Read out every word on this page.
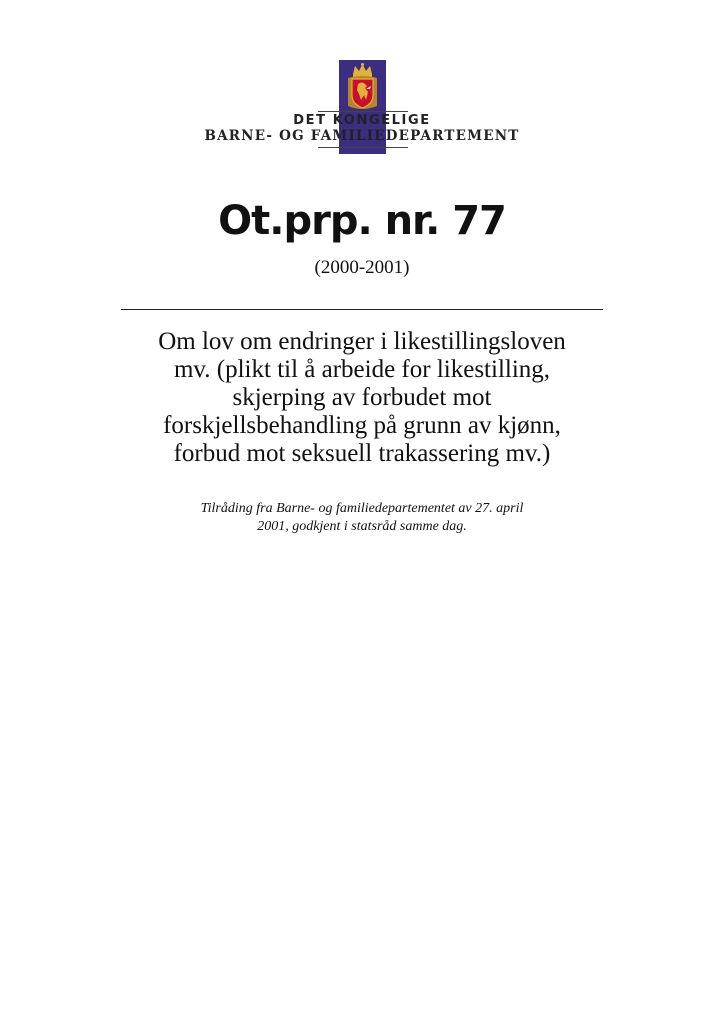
DET KONGELIGE
BARNE- OG FAMILIEDEPARTEMENT
Ot.prp. nr. 77
(2000-2001)
Om lov om endringer i likestillingsloven
mv. (plikt til å arbeide for likestilling,
skjerping av forbudet mot
forskjellsbehandling på grunn av kjønn,
forbud mot seksuell trakassering mv.)
Tilråding fra Barne- og familiedepartementet av 27. april
2001, godkjent i statsråd samme dag.
